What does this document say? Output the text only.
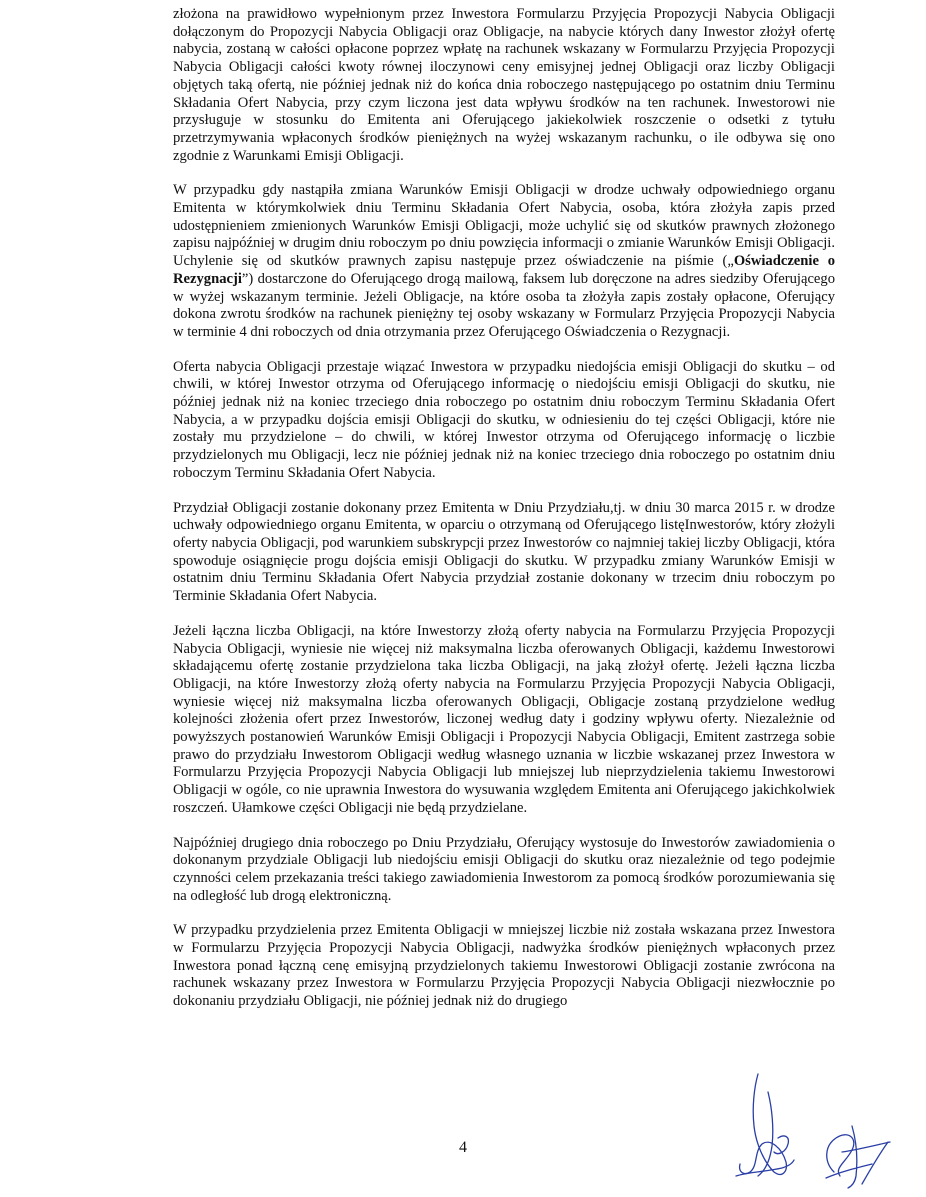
złożona na prawidłowo wypełnionym przez Inwestora Formularzu Przyjęcia Propozycji Nabycia Obligacji dołączonym do Propozycji Nabycia Obligacji oraz Obligacje, na nabycie których dany Inwestor złożył ofertę nabycia, zostaną w całości opłacone poprzez wpłatę na rachunek wskazany w Formularzu Przyjęcia Propozycji Nabycia Obligacji całości kwoty równej iloczynowi ceny emisyjnej jednej Obligacji oraz liczby Obligacji objętych taką ofertą, nie później jednak niż do końca dnia roboczego następującego po ostatnim dniu Terminu Składania Ofert Nabycia, przy czym liczona jest data wpływu środków na ten rachunek. Inwestorowi nie przysługuje w stosunku do Emitenta ani Oferującego jakiekolwiek roszczenie o odsetki z tytułu przetrzymywania wpłaconych środków pieniężnych na wyżej wskazanym rachunku, o ile odbywa się ono zgodnie z Warunkami Emisji Obligacji.

W przypadku gdy nastąpiła zmiana Warunków Emisji Obligacji w drodze uchwały odpowiedniego organu Emitenta w którymkolwiek dniu Terminu Składania Ofert Nabycia, osoba, która złożyła zapis przed udostępnieniem zmienionych Warunków Emisji Obligacji, może uchylić się od skutków prawnych złożonego zapisu najpóźniej w drugim dniu roboczym po dniu powzięcia informacji o zmianie Warunków Emisji Obligacji. Uchylenie się od skutków prawnych zapisu następuje przez oświadczenie na piśmie („Oświadczenie o Rezygnacji”) dostarczone do Oferującego drogą mailową, faksem lub doręczone na adres siedziby Oferującego w wyżej wskazanym terminie. Jeżeli Obligacje, na które osoba ta złożyła zapis zostały opłacone, Oferujący dokona zwrotu środków na rachunek pieniężny tej osoby wskazany w Formularz Przyjęcia Propozycji Nabycia w terminie 4 dni roboczych od dnia otrzymania przez Oferującego Oświadczenia o Rezygnacji.

Oferta nabycia Obligacji przestaje wiązać Inwestora w przypadku niedojścia emisji Obligacji do skutku – od chwili, w której Inwestor otrzyma od Oferującego informację o niedojściu emisji Obligacji do skutku, nie później jednak niż na koniec trzeciego dnia roboczego po ostatnim dniu roboczym Terminu Składania Ofert Nabycia, a w przypadku dojścia emisji Obligacji do skutku, w odniesieniu do tej części Obligacji, które nie zostały mu przydzielone – do chwili, w której Inwestor otrzyma od Oferującego informację o liczbie przydzielonych mu Obligacji, lecz nie później jednak niż na koniec trzeciego dnia roboczego po ostatnim dniu roboczym Terminu Składania Ofert Nabycia.

Przydział Obligacji zostanie dokonany przez Emitenta w Dniu Przydziału,tj. w dniu 30 marca 2015 r. w drodze uchwały odpowiedniego organu Emitenta, w oparciu o otrzymaną od Oferującego listęInwestorów, który złożyli oferty nabycia Obligacji, pod warunkiem subskrypcji przez Inwestorów co najmniej takiej liczby Obligacji, która spowoduje osiągnięcie progu dojścia emisji Obligacji do skutku. W przypadku zmiany Warunków Emisji w ostatnim dniu Terminu Składania Ofert Nabycia przydział zostanie dokonany w trzecim dniu roboczym po Terminie Składania Ofert Nabycia.

Jeżeli łączna liczba Obligacji, na które Inwestorzy złożą oferty nabycia na Formularzu Przyjęcia Propozycji Nabycia Obligacji, wyniesie nie więcej niż maksymalna liczba oferowanych Obligacji, każdemu Inwestorowi składającemu ofertę zostanie przydzielona taka liczba Obligacji, na jaką złożył ofertę. Jeżeli łączna liczba Obligacji, na które Inwestorzy złożą oferty nabycia na Formularzu Przyjęcia Propozycji Nabycia Obligacji, wyniesie więcej niż maksymalna liczba oferowanych Obligacji, Obligacje zostaną przydzielone według kolejności złożenia ofert przez Inwestorów, liczonej według daty i godziny wpływu oferty. Niezależnie od powyższych postanowień Warunków Emisji Obligacji i Propozycji Nabycia Obligacji, Emitent zastrzega sobie prawo do przydziału Inwestorom Obligacji według własnego uznania w liczbie wskazanej przez Inwestora w Formularzu Przyjęcia Propozycji Nabycia Obligacji lub mniejszej lub nieprzydzielenia takiemu Inwestorowi Obligacji w ogóle, co nie uprawnia Inwestora do wysuwania względem Emitenta ani Oferującego jakichkolwiek roszczeń. Ułamkowe części Obligacji nie będą przydzielane.

Najpóźniej drugiego dnia roboczego po Dniu Przydziału, Oferujący wystosuje do Inwestorów zawiadomienia o dokonanym przydziale Obligacji lub niedojściu emisji Obligacji do skutku oraz niezależnie od tego podejmie czynności celem przekazania treści takiego zawiadomienia Inwestorom za pomocą środków porozumiewania się na odległość lub drogą elektroniczną.

W przypadku przydzielenia przez Emitenta Obligacji w mniejszej liczbie niż została wskazana przez Inwestora w Formularzu Przyjęcia Propozycji Nabycia Obligacji, nadwyżka środków pieniężnych wpłaconych przez Inwestora ponad łączną cenę emisyjną przydzielonych takiemu Inwestorowi Obligacji zostanie zwrócona na rachunek wskazany przez Inwestora w Formularzu Przyjęcia Propozycji Nabycia Obligacji niezwłocznie po dokonaniu przydziału Obligacji, nie później jednak niż do drugiego

4
